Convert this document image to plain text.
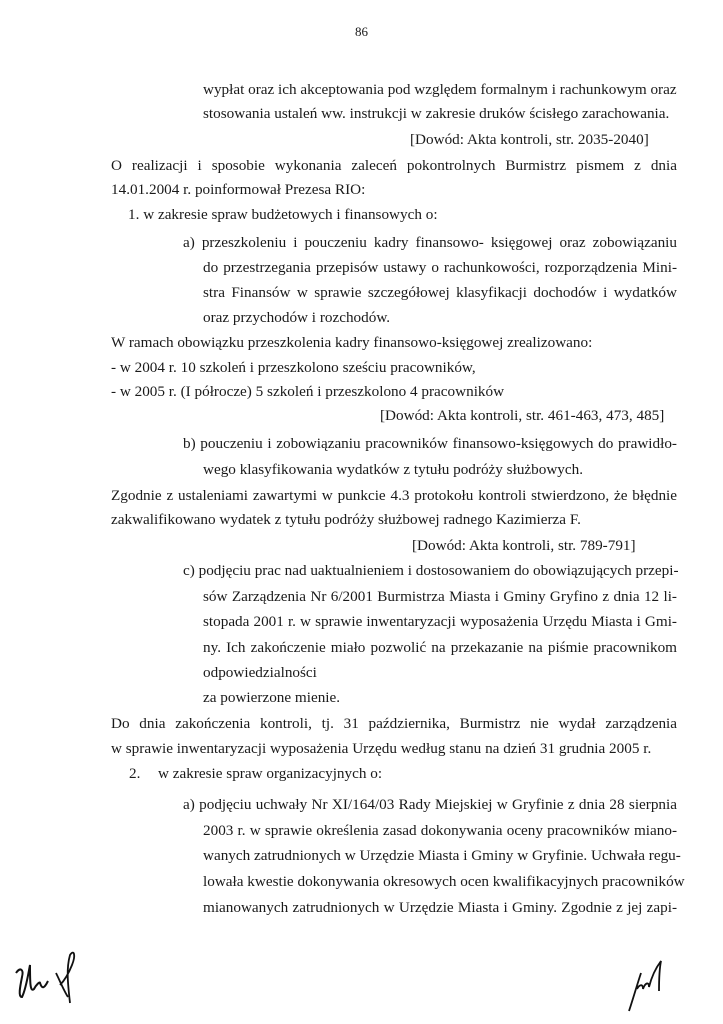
86
wypłat oraz ich akceptowania pod względem formalnym i rachunkowym oraz
stosowania ustaleń ww. instrukcji w zakresie druków ścisłego zarachowania.
[Dowód: Akta kontroli, str. 2035-2040]
O realizacji i sposobie wykonania zaleceń pokontrolnych Burmistrz pismem z dnia
14.01.2004 r. poinformował Prezesa RIO:
1. w zakresie spraw budżetowych i finansowych o:
a) przeszkoleniu i pouczeniu kadry finansowo- księgowej oraz zobowiązaniu
do przestrzegania przepisów ustawy o rachunkowości, rozporządzenia Mini-
stra Finansów w sprawie szczegółowej klasyfikacji dochodów i wydatków
oraz przychodów i rozchodów.
W ramach obowiązku przeszkolenia kadry finansowo-księgowej zrealizowano:
- w 2004 r. 10 szkoleń i przeszkolono sześciu pracowników,
- w 2005 r. (I półrocze) 5 szkoleń i przeszkolono 4 pracowników
[Dowód: Akta kontroli, str. 461-463, 473, 485]
b) pouczeniu i zobowiązaniu pracowników finansowo-księgowych do prawidło-
wego klasyfikowania wydatków z tytułu podróży służbowych.
Zgodnie z ustaleniami zawartymi w punkcie 4.3 protokołu kontroli stwierdzono, że błędnie
zakwalifikowano wydatek z tytułu podróży służbowej radnego Kazimierza F.
[Dowód: Akta kontroli, str. 789-791]
c) podjęciu prac nad uaktualnieniem i dostosowaniem do obowiązujących przepi-
sów Zarządzenia Nr 6/2001 Burmistrza Miasta i Gminy Gryfino z dnia 12 li-
stopada 2001 r. w sprawie inwentaryzacji wyposażenia Urzędu Miasta i Gmi-
ny. Ich zakończenie miało pozwolić na przekazanie na piśmie pracownikom
odpowiedzialności
za powierzone mienie.
Do dnia zakończenia kontroli, tj. 31 października, Burmistrz nie wydał zarządzenia
w sprawie inwentaryzacji wyposażenia Urzędu według stanu na dzień 31 grudnia 2005 r.
2. w zakresie spraw organizacyjnych o:
a) podjęciu uchwały Nr XI/164/03 Rady Miejskiej w Gryfinie z dnia 28 sierpnia
2003 r. w sprawie określenia zasad dokonywania oceny pracowników miano-
wanych zatrudnionych w Urzędzie Miasta i Gminy w Gryfinie. Uchwała regu-
lowała kwestie dokonywania okresowych ocen kwalifikacyjnych pracowników
mianowanych zatrudnionych w Urzędzie Miasta i Gminy. Zgodnie z jej zapi-
